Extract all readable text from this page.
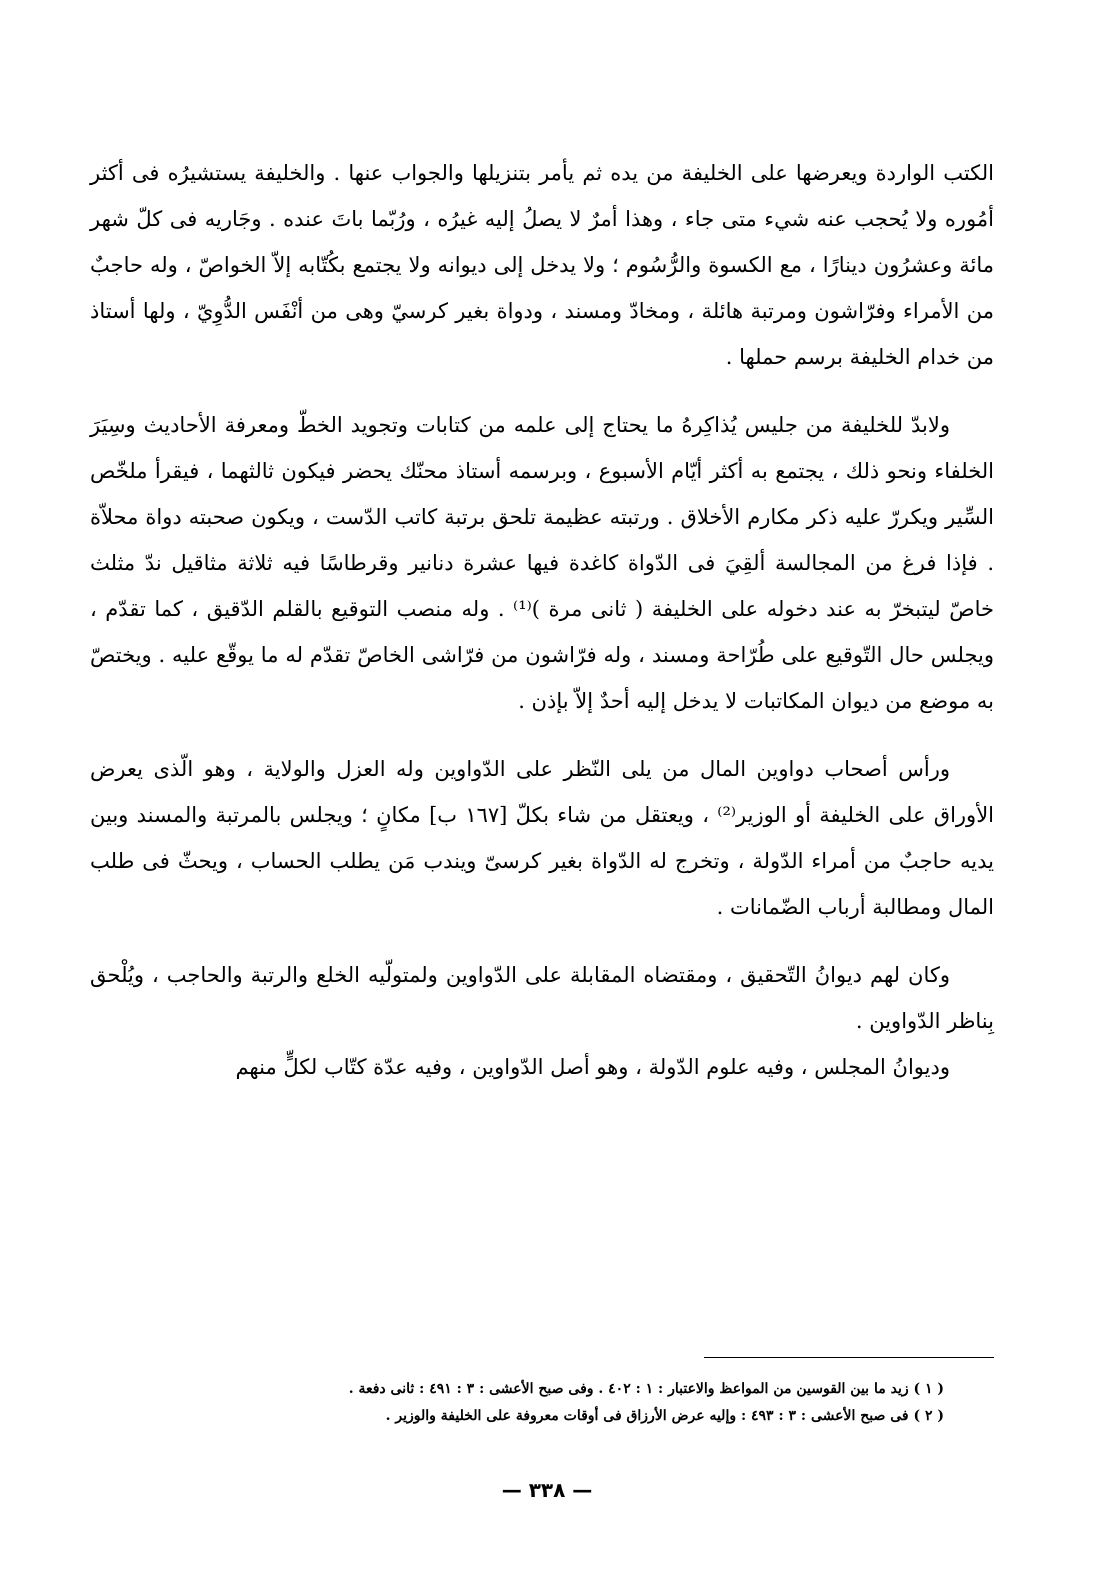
الكتب الواردة ويعرضها على الخليفة من يده ثم يأمر بتنزيلها والجواب عنها . والخليفة يستشيرُه فى أكثر أمُوره ولا يُحجب عنه شيء متى جاء ، وهذا أمرٌ لا يصلُ إليه غيرُه ، ورُبّما باتَ عنده . وجَاريه فى كلّ شهر مائة وعشرُون دينارًا ، مع الكسوة والرُّسُوم ؛ ولا يدخل إلى ديوانه ولا يجتمع بكُتّابه إلاّ الخواصّ ، وله حاجبٌ من الأمراء وفرّاشون ومرتبة هائلة ، ومخادّ ومسند ، ودواة بغير كرسيّ وهى من أنْفَس الدُّوِيّ ، ولها أستاذ من خدام الخليفة برسم حملها .

ولابدّ للخليفة من جليس يُذاكِرهُ ما يحتاج إلى علمه من كتابات وتجويد الخطّ ومعرفة الأحاديث وسِيَرَ الخلفاء ونحو ذلك ، يجتمع به أكثر أيّام الأسبوع ، وبرسمه أستاذ محنّك يحضر فيكون ثالثهما ، فيقرأ ملخّص السِّير ويكررّ عليه ذكر مكارم الأخلاق . ورتبته عظيمة تلحق برتبة كاتب الدّست ، ويكون صحبته دواة محلاّة . فإذا فرغ من المجالسة ألقِيَ فى الدّواة كاغدة فيها عشرة دنانير وقرطاسًا فيه ثلاثة مثاقيل ندّ مثلث خاصّ ليتبخرّ به عند دخوله على الخليفة ( ثانى مرة )⁽¹⁾ . وله منصب التوقيع بالقلم الدّقيق ، كما تقدّم ، ويجلس حال التّوقيع على طُرّاحة ومسند ، وله فرّاشون من فرّاشى الخاصّ تقدّم له ما يوقّع عليه . ويختصّ به موضع من ديوان المكاتبات لا يدخل إليه أحدٌ إلاّ بإذن .

ورأس أصحاب دواوين المال من يلى النّظر على الدّواوين وله العزل والولاية ، وهو الّذى يعرض الأوراق على الخليفة أو الوزير⁽²⁾ ، ويعتقل من شاء بكلّ [١٦٧ ب] مكانٍ ؛ ويجلس بالمرتبة والمسند وبين يديه حاجبٌ من أمراء الدّولة ، وتخرج له الدّواة بغير كرسىّ ويندب مَن يطلب الحساب ، ويحثّ فى طلب المال ومطالبة أرباب الضّمانات .

وكان لهم ديوانُ التّحقيق ، ومقتضاه المقابلة على الدّواوين ولمتولّيه الخلع والرتبة والحاجب ، ويُلْحق بِناظر الدّواوين .

وديوانُ المجلس ، وفيه علوم الدّولة ، وهو أصل الدّواوين ، وفيه عدّة كتّاب لكلٍّ منهم

( ١ ) زيد ما بين القوسين من المواعظ والاعتبار : ١ : ٤٠٢ . وفى صبح الأعشى : ٣ : ٤٩١ : ثانى دفعة .

( ٢ ) فى صبح الأعشى : ٣ : ٤٩٣ : وإليه عرض الأرزاق فى أوقات معروفة على الخليفة والوزير .

— ٣٣٨ —
